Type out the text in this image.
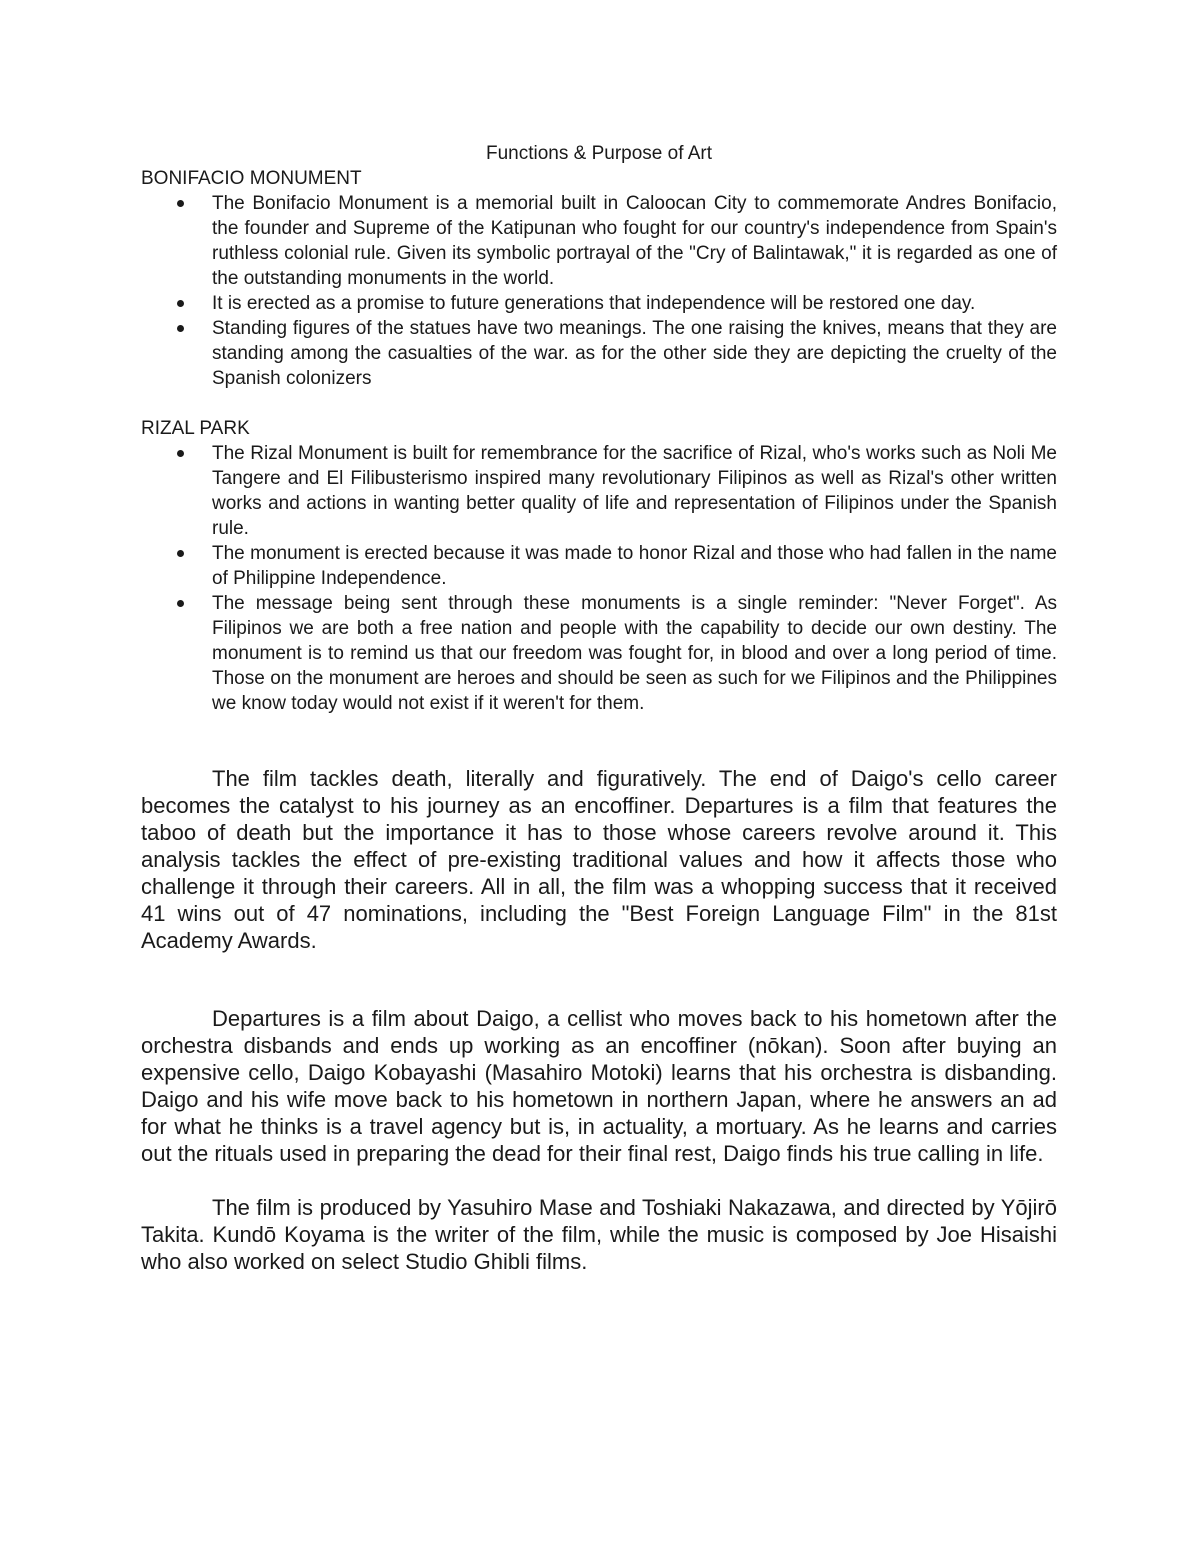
Functions & Purpose of Art
BONIFACIO MONUMENT
The Bonifacio Monument is a memorial built in Caloocan City to commemorate Andres Bonifacio, the founder and Supreme of the Katipunan who fought for our country's independence from Spain's ruthless colonial rule. Given its symbolic portrayal of the "Cry of Balintawak," it is regarded as one of the outstanding monuments in the world.
It is erected as a promise to future generations that independence will be restored one day.
Standing figures of the statues have two meanings. The one raising the knives, means that they are standing among the casualties of the war. as for the other side they are depicting the cruelty of the Spanish colonizers
RIZAL PARK
The Rizal Monument is built for remembrance for the sacrifice of Rizal, who's works such as Noli Me Tangere and El Filibusterismo inspired many revolutionary Filipinos as well as Rizal's other written works and actions in wanting better quality of life and representation of Filipinos under the Spanish rule.
The monument is erected because it was made to honor Rizal and those who had fallen in the name of Philippine Independence.
The message being sent through these monuments is a single reminder: "Never Forget". As Filipinos we are both a free nation and people with the capability to decide our own destiny. The monument is to remind us that our freedom was fought for, in blood and over a long period of time. Those on the monument are heroes and should be seen as such for we Filipinos and the Philippines we know today would not exist if it weren't for them.

The film tackles death, literally and figuratively. The end of Daigo's cello career becomes the catalyst to his journey as an encoffiner. Departures is a film that features the taboo of death but the importance it has to those whose careers revolve around it. This analysis tackles the effect of pre-existing traditional values and how it affects those who challenge it through their careers. All in all, the film was a whopping success that it received 41 wins out of 47 nominations, including the "Best Foreign Language Film" in the 81st Academy Awards.

Departures is a film about Daigo, a cellist who moves back to his hometown after the orchestra disbands and ends up working as an encoffiner (nōkan). Soon after buying an expensive cello, Daigo Kobayashi (Masahiro Motoki) learns that his orchestra is disbanding. Daigo and his wife move back to his hometown in northern Japan, where he answers an ad for what he thinks is a travel agency but is, in actuality, a mortuary. As he learns and carries out the rituals used in preparing the dead for their final rest, Daigo finds his true calling in life.

The film is produced by Yasuhiro Mase and Toshiaki Nakazawa, and directed by Yōjirō Takita. Kundō Koyama is the writer of the film, while the music is composed by Joe Hisaishi who also worked on select Studio Ghibli films.
